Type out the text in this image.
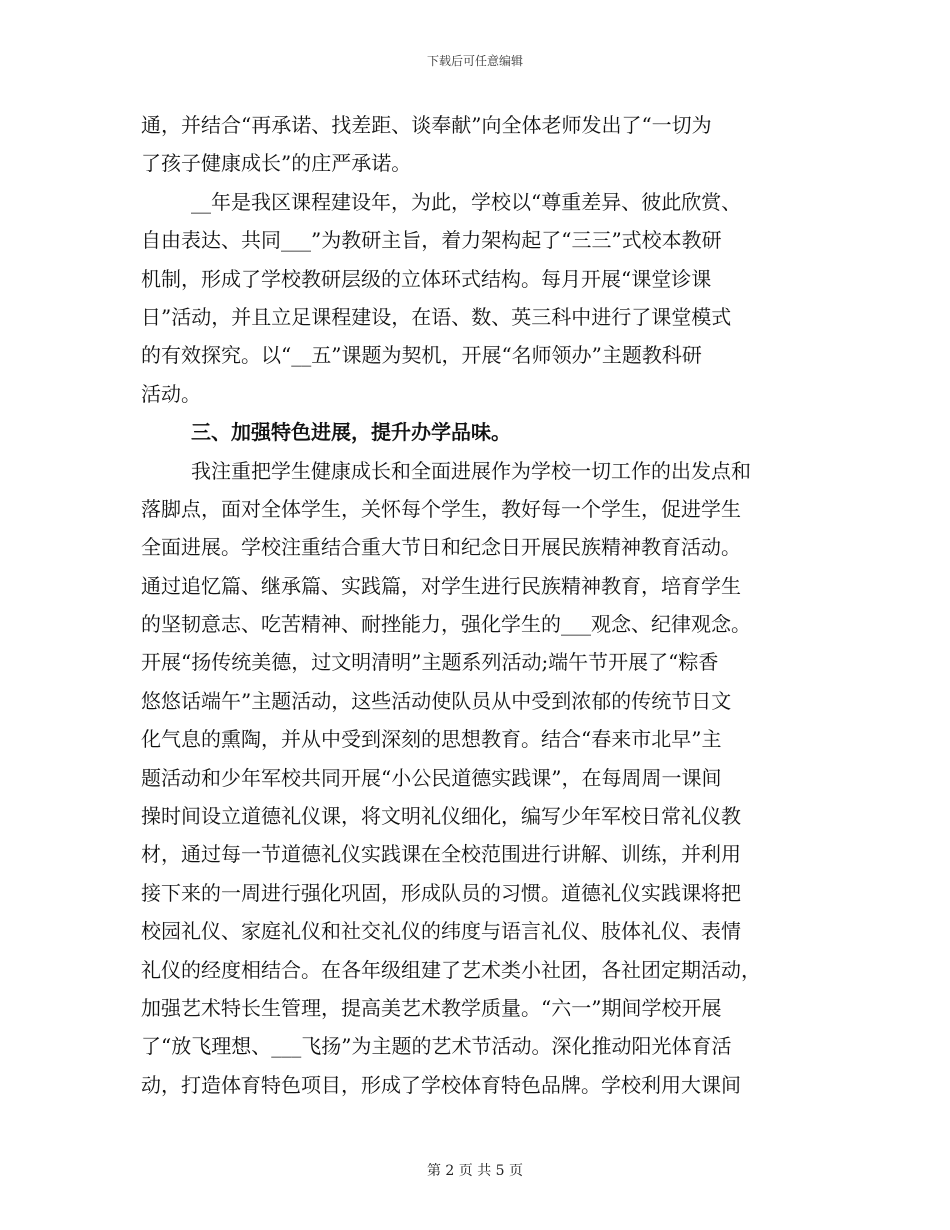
下载后可任意编辑
通，并结合“再承诺、找差距、谈奉献”向全体老师发出了“一切为
了孩子健康成长”的庄严承诺。
__年是我区课程建设年，为此，学校以“尊重差异、彼此欣赏、
自由表达、共同___”为教研主旨，着力架构起了“三三”式校本教研
机制，形成了学校教研层级的立体环式结构。每月开展“课堂诊课
日”活动，并且立足课程建设，在语、数、英三科中进行了课堂模式
的有效探究。以“__五”课题为契机，开展“名师领办”主题教科研
活动。
三、加强特色进展，提升办学品味。
我注重把学生健康成长和全面进展作为学校一切工作的出发点和
落脚点，面对全体学生，关怀每个学生，教好每一个学生，促进学生
全面进展。学校注重结合重大节日和纪念日开展民族精神教育活动。
通过追忆篇、继承篇、实践篇，对学生进行民族精神教育，培育学生
的坚韧意志、吃苦精神、耐挫能力，强化学生的___观念、纪律观念。
开展“扬传统美德，过文明清明”主题系列活动;端午节开展了“粽香
悠悠话端午”主题活动，这些活动使队员从中受到浓郁的传统节日文
化气息的熏陶，并从中受到深刻的思想教育。结合“春来市北早”主
题活动和少年军校共同开展“小公民道德实践课”，在每周周一课间
操时间设立道德礼仪课，将文明礼仪细化，编写少年军校日常礼仪教
材，通过每一节道德礼仪实践课在全校范围进行讲解、训练，并利用
接下来的一周进行强化巩固，形成队员的习惯。道德礼仪实践课将把
校园礼仪、家庭礼仪和社交礼仪的纬度与语言礼仪、肢体礼仪、表情
礼仪的经度相结合。在各年级组建了艺术类小社团，各社团定期活动，
加强艺术特长生管理，提高美艺术教学质量。“六一”期间学校开展
了“放飞理想、___飞扬”为主题的艺术节活动。深化推动阳光体育活
动，打造体育特色项目，形成了学校体育特色品牌。学校利用大课间
第 2 页 共 5 页
